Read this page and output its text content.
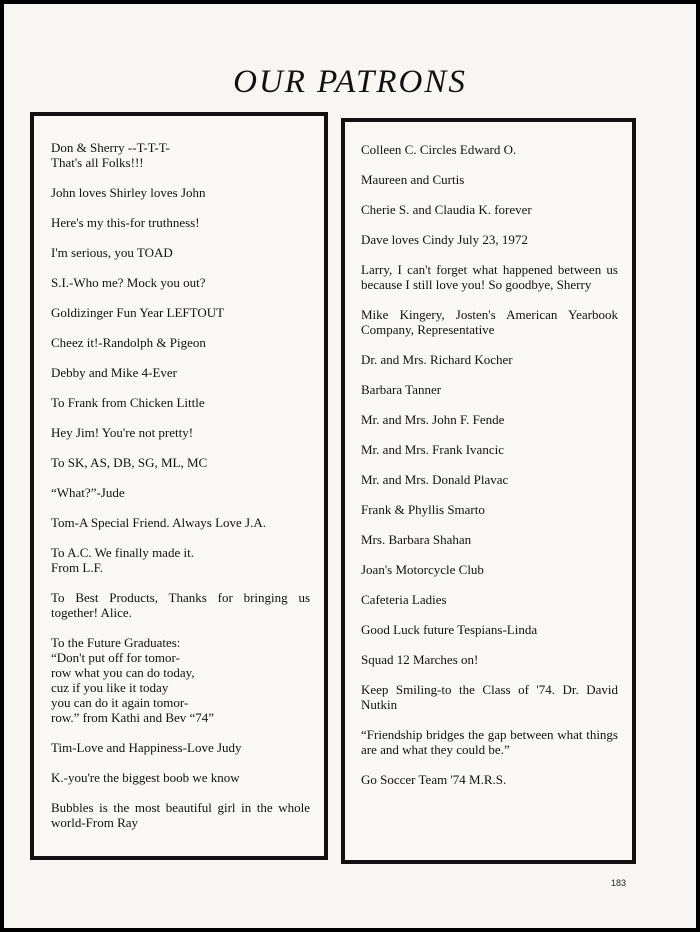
OUR PATRONS
Don & Sherry --T-T-T-
That's all Folks!!!
John loves Shirley loves John
Here's my this-for truthness!
I'm serious, you TOAD
S.I.-Who me? Mock you out?
Goldizinger Fun Year LEFTOUT
Cheez it!-Randolph & Pigeon
Debby and Mike 4-Ever
To Frank from Chicken Little
Hey Jim! You're not pretty!
To SK, AS, DB, SG, ML, MC
“What?”-Jude
Tom-A Special Friend. Always Love J.A.
To A.C. We finally made it.
From L.F.
To Best Products, Thanks for bringing us together! Alice.
To the Future Graduates:
“Don't put off for tomor-
row what you can do today,
cuz if you like it today
you can do it again tomor-
row.” from Kathi and Bev “74”
Tim-Love and Happiness-Love Judy
K.-you're the biggest boob we know
Bubbles is the most beautiful girl in the whole world-From Ray
Colleen C. Circles Edward O.
Maureen and Curtis
Cherie S. and Claudia K. forever
Dave loves Cindy July 23, 1972
Larry, I can't forget what happened between us because I still love you! So goodbye, Sherry
Mike Kingery, Josten's American Yearbook Company, Representative
Dr. and Mrs. Richard Kocher
Barbara Tanner
Mr. and Mrs. John F. Fende
Mr. and Mrs. Frank Ivancic
Mr. and Mrs. Donald Plavac
Frank & Phyllis Smarto
Mrs. Barbara Shahan
Joan's Motorcycle Club
Cafeteria Ladies
Good Luck future Tespians-Linda
Squad 12 Marches on!
Keep Smiling-to the Class of '74. Dr. David Nutkin
“Friendship bridges the gap between what things are and what they could be.”
Go Soccer Team '74 M.R.S.
183
